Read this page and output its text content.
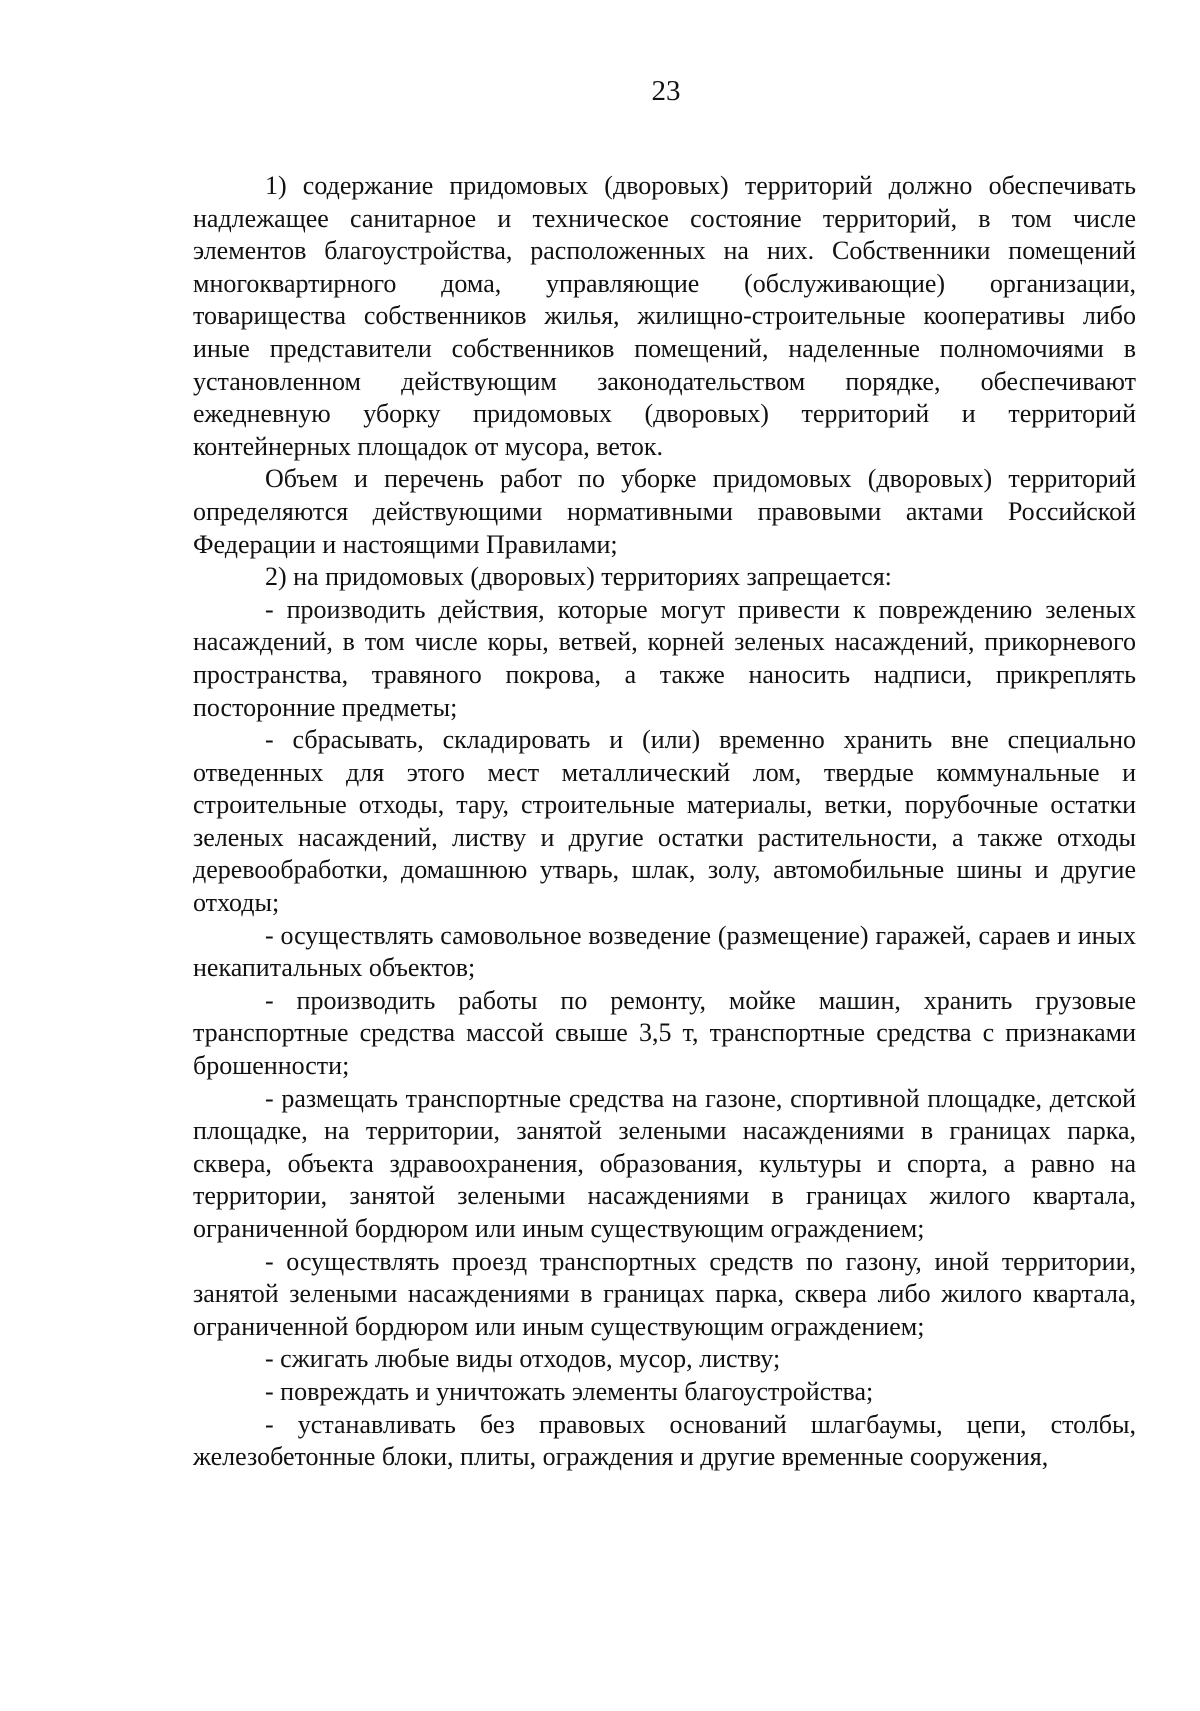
23

1) содержание придомовых (дворовых) территорий должно обеспечивать надлежащее санитарное и техническое состояние территорий, в том числе элементов благоустройства, расположенных на них. Собственники помещений многоквартирного дома, управляющие (обслуживающие) организации, товарищества собственников жилья, жилищно-строительные кооперативы либо иные представители собственников помещений, наделенные полномочиями в установленном действующим законодательством порядке, обеспечивают ежедневную уборку придомовых (дворовых) территорий и территорий контейнерных площадок от мусора, веток.

Объем и перечень работ по уборке придомовых (дворовых) территорий определяются действующими нормативными правовыми актами Российской Федерации и настоящими Правилами;

2) на придомовых (дворовых) территориях запрещается:

- производить действия, которые могут привести к повреждению зеленых насаждений, в том числе коры, ветвей, корней зеленых насаждений, прикорневого пространства, травяного покрова, а также наносить надписи, прикреплять посторонние предметы;

- сбрасывать, складировать и (или) временно хранить вне специально отведенных для этого мест металлический лом, твердые коммунальные и строительные отходы, тару, строительные материалы, ветки, порубочные остатки зеленых насаждений, листву и другие остатки растительности, а также отходы деревообработки, домашнюю утварь, шлак, золу, автомобильные шины и другие отходы;

- осуществлять самовольное возведение (размещение) гаражей, сараев и иных некапитальных объектов;

- производить работы по ремонту, мойке машин, хранить грузовые транспортные средства массой свыше 3,5 т, транспортные средства с признаками брошенности;

- размещать транспортные средства на газоне, спортивной площадке, детской площадке, на территории, занятой зелеными насаждениями в границах парка, сквера, объекта здравоохранения, образования, культуры и спорта, а равно на территории, занятой зелеными насаждениями в границах жилого квартала, ограниченной бордюром или иным существующим ограждением;

- осуществлять проезд транспортных средств по газону, иной территории, занятой зелеными насаждениями в границах парка, сквера либо жилого квартала, ограниченной бордюром или иным существующим ограждением;

- сжигать любые виды отходов, мусор, листву;

- повреждать и уничтожать элементы благоустройства;

- устанавливать без правовых оснований шлагбаумы, цепи, столбы, железобетонные блоки, плиты, ограждения и другие временные сооружения,
